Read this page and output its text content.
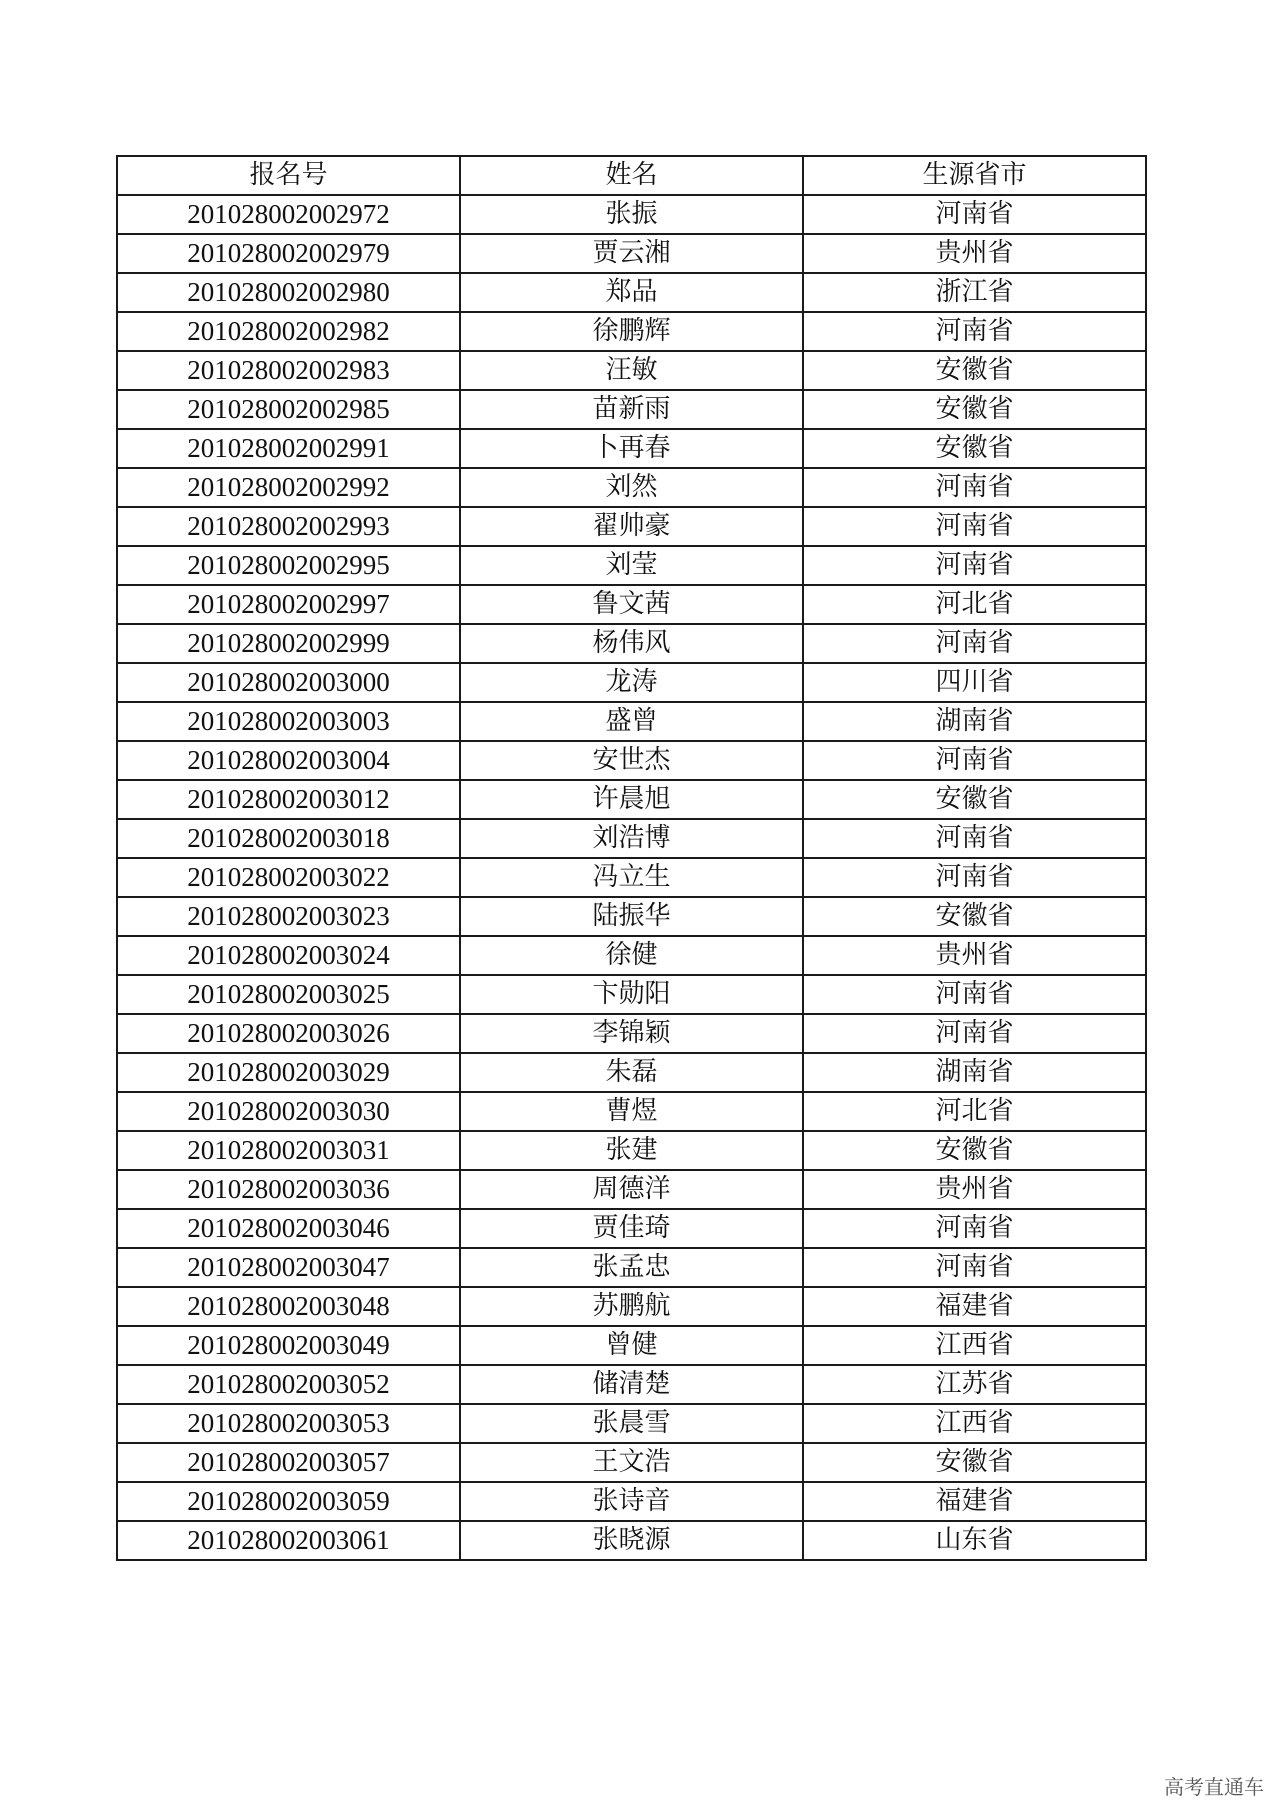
报名号	姓名	生源省市
201028002002972	张振	河南省
201028002002979	贾云湘	贵州省
201028002002980	郑品	浙江省
201028002002982	徐鹏辉	河南省
201028002002983	汪敏	安徽省
201028002002985	苗新雨	安徽省
201028002002991	卜再春	安徽省
201028002002992	刘然	河南省
201028002002993	翟帅豪	河南省
201028002002995	刘莹	河南省
201028002002997	鲁文茜	河北省
201028002002999	杨伟风	河南省
201028002003000	龙涛	四川省
201028002003003	盛曾	湖南省
201028002003004	安世杰	河南省
201028002003012	许晨旭	安徽省
201028002003018	刘浩博	河南省
201028002003022	冯立生	河南省
201028002003023	陆振华	安徽省
201028002003024	徐健	贵州省
201028002003025	卞勋阳	河南省
201028002003026	李锦颖	河南省
201028002003029	朱磊	湖南省
201028002003030	曹煜	河北省
201028002003031	张建	安徽省
201028002003036	周德洋	贵州省
201028002003046	贾佳琦	河南省
201028002003047	张孟忠	河南省
201028002003048	苏鹏航	福建省
201028002003049	曾健	江西省
201028002003052	储清楚	江苏省
201028002003053	张晨雪	江西省
201028002003057	王文浩	安徽省
201028002003059	张诗音	福建省
201028002003061	张晓源	山东省
高考直通车
